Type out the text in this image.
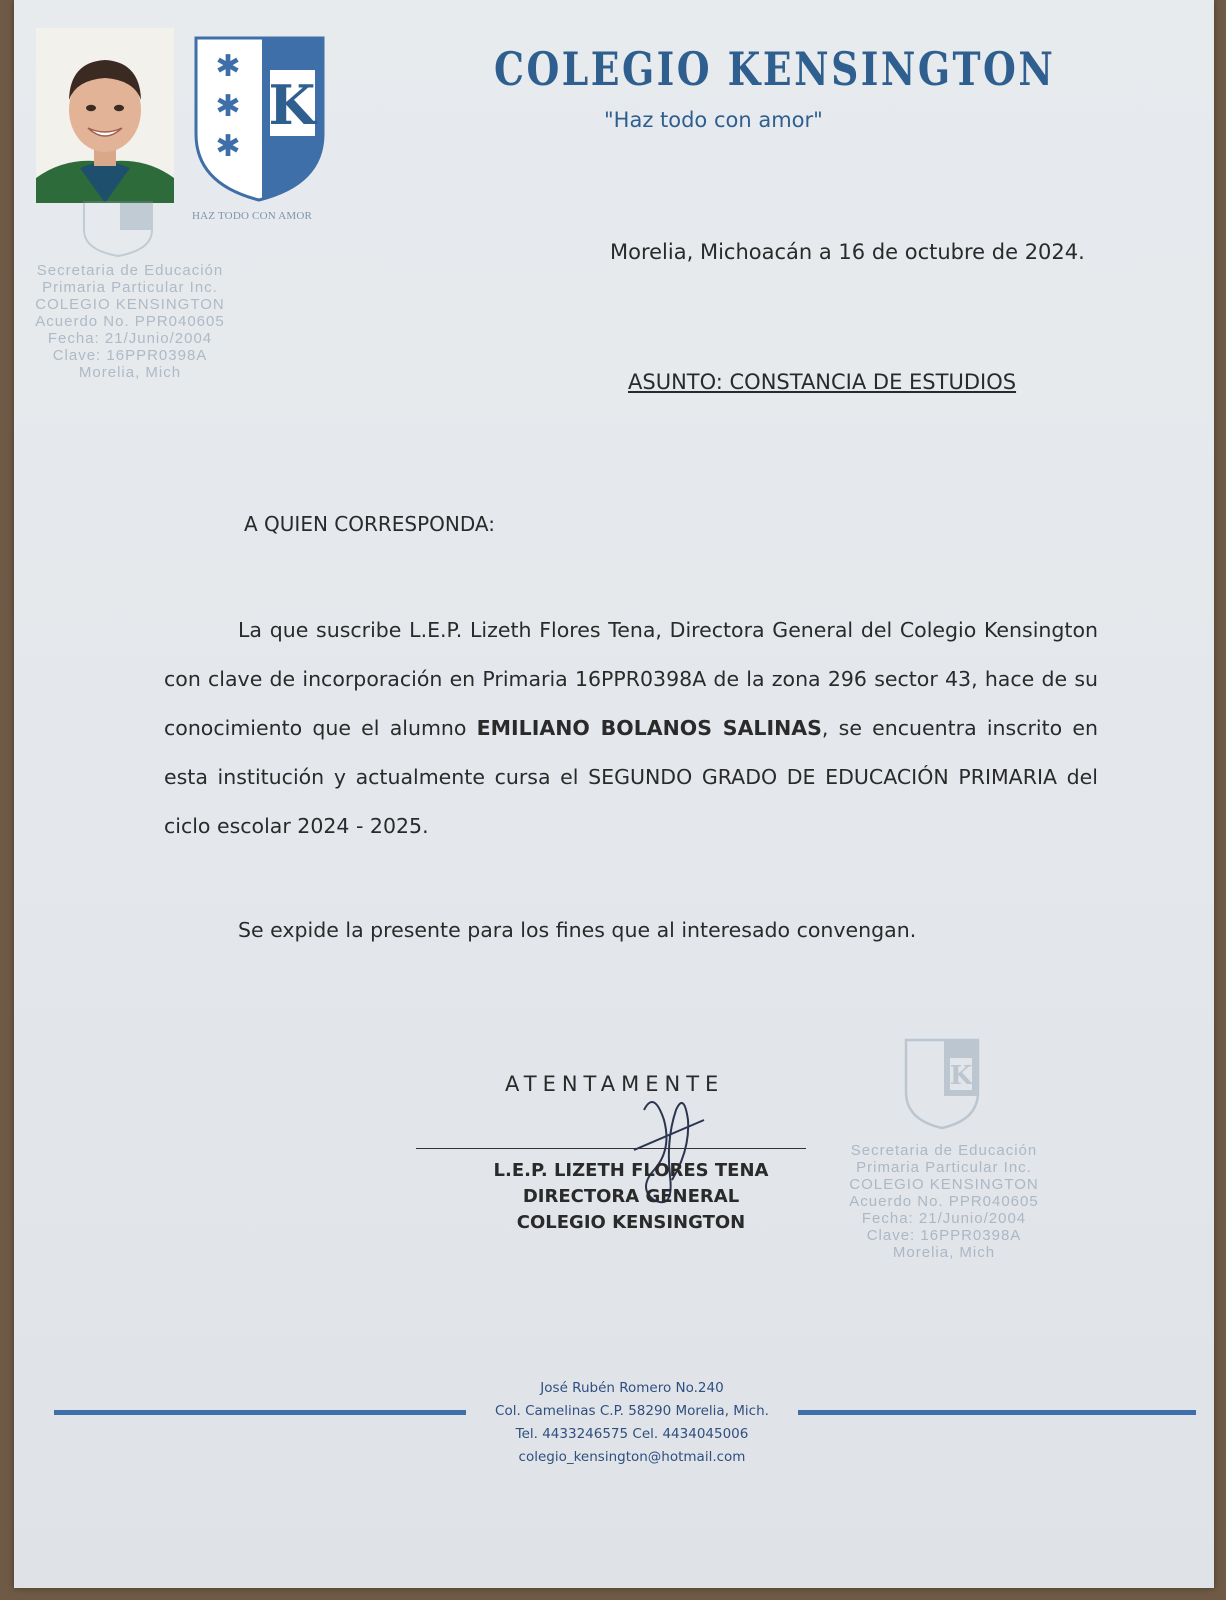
K
✱
✱
✱
HAZ TODO CON AMOR
COLEGIO KENSINGTON
"Haz todo con amor"
Secretaria de Educación
Primaria Particular Inc.
COLEGIO KENSINGTON
Acuerdo No. PPR040605
Fecha: 21/Junio/2004
Clave: 16PPR0398A
Morelia, Mich
Morelia, Michoacán a 16 de octubre de 2024.
ASUNTO: CONSTANCIA DE ESTUDIOS
A QUIEN CORRESPONDA:
La que suscribe L.E.P. Lizeth Flores Tena, Directora General del Colegio Kensington con clave de incorporación en Primaria 16PPR0398A de la zona 296 sector 43, hace de su conocimiento que el alumno EMILIANO BOLANOS SALINAS, se encuentra inscrito en esta institución y actualmente cursa el SEGUNDO GRADO DE EDUCACIÓN PRIMARIA del ciclo escolar 2024 - 2025.
Se expide la presente para los fines que al interesado convengan.
ATENTAMENTE
L.E.P. LIZETH FLORES TENA
DIRECTORA GENERAL
COLEGIO KENSINGTON
K
Secretaria de Educación
Primaria Particular Inc.
COLEGIO KENSINGTON
Acuerdo No. PPR040605
Fecha: 21/Junio/2004
Clave: 16PPR0398A
Morelia, Mich
José Rubén Romero No.240
Col. Camelinas C.P. 58290 Morelia, Mich.
Tel. 4433246575 Cel. 4434045006
colegio_kensington@hotmail.com
